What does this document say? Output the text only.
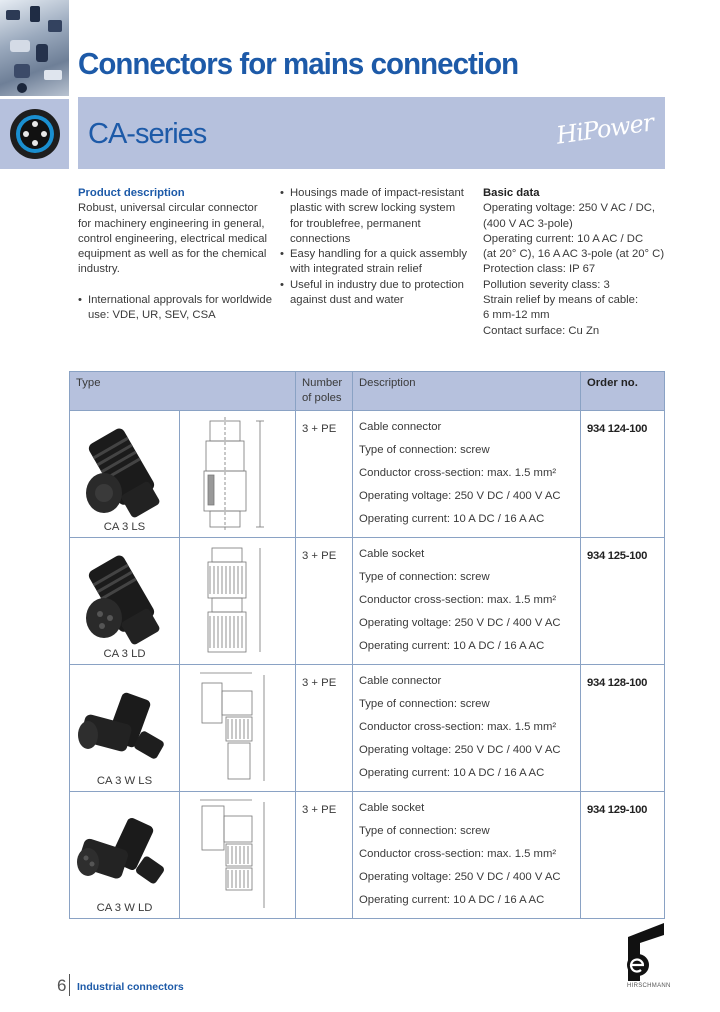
Connectors for mains connection
CA-series	HiPower
Product description
Robust, universal circular connector for machinery engineering in general, control engineering, electrical medical equipment as well as for the chemical industry.
• International approvals for worldwide use: VDE, UR, SEV, CSA
• Housings made of impact-resistant plastic with screw locking system for troublefree, permanent connections
• Easy handling for a quick assembly with integrated strain relief
• Useful in industry due to protection against dust and water
Basic data
Operating voltage: 250 V AC / DC,
(400 V AC 3-pole)
Operating current: 10 A AC / DC
(at 20° C), 16 A AC 3-pole (at 20° C)
Protection class: IP 67
Pollution severity class: 3
Strain relief by means of cable:
6 mm-12 mm
Contact surface: Cu Zn
Type		Number
of poles	Description	Order no.

CA 3 LS		3 + PE	Cable connector
Type of connection: screw
Conductor cross-section: max. 1.5 mm²
Operating voltage: 250 V DC / 400 V AC
Operating current: 10 A DC / 16 A AC	934 124-100

CA 3 LD		3 + PE	Cable socket
Type of connection: screw
Conductor cross-section: max. 1.5 mm²
Operating voltage: 250 V DC / 400 V AC
Operating current: 10 A DC / 16 A AC	934 125-100

CA 3 W LS		3 + PE	Cable connector
Type of connection: screw
Conductor cross-section: max. 1.5 mm²
Operating voltage: 250 V DC / 400 V AC
Operating current: 10 A DC / 16 A AC	934 128-100

CA 3 W LD		3 + PE	Cable socket
Type of connection: screw
Conductor cross-section: max. 1.5 mm²
Operating voltage: 250 V DC / 400 V AC
Operating current: 10 A DC / 16 A AC	934 129-100
6 Industrial connectors	HIRSCHMANN
